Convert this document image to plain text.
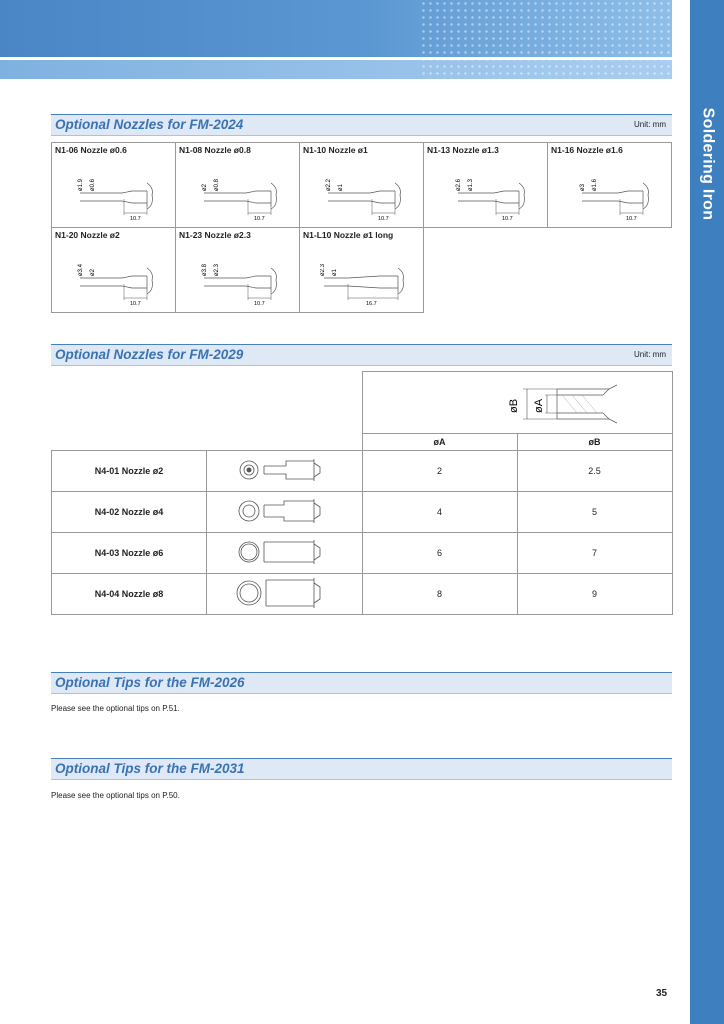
Soldering Iron
Optional Nozzles for FM-2024	Unit: mm
N1-06 Nozzle ø0.6
ø1.9 ø0.6
10.7	N1-08 Nozzle ø0.8
ø2 ø0.8
10.7	N1-10 Nozzle ø1
ø2.2 ø1
10.7	N1-13 Nozzle ø1.3
ø2.6 ø1.3
10.7	N1-16 Nozzle ø1.6
ø3 ø1.6
10.7

N1-20 Nozzle ø2
ø3.4 ø2
10.7	N1-23 Nozzle ø2.3
ø3.8 ø2.3
10.7	N1-L10 Nozzle ø1 long
ø2.3 ø1
16.7		

Optional Nozzles for FM-2029	Unit: mm

øB øA	

		øA	øB
N4-01 Nozzle ø2		2	2.5
N4-02 Nozzle ø4		4	5
N4-03 Nozzle ø6		6	7
N4-04 Nozzle ø8		8	9
Optional Tips for the FM-2026
Please see the optional tips on P.51.
Optional Tips for the FM-2031
Please see the optional tips on P.50.
35
